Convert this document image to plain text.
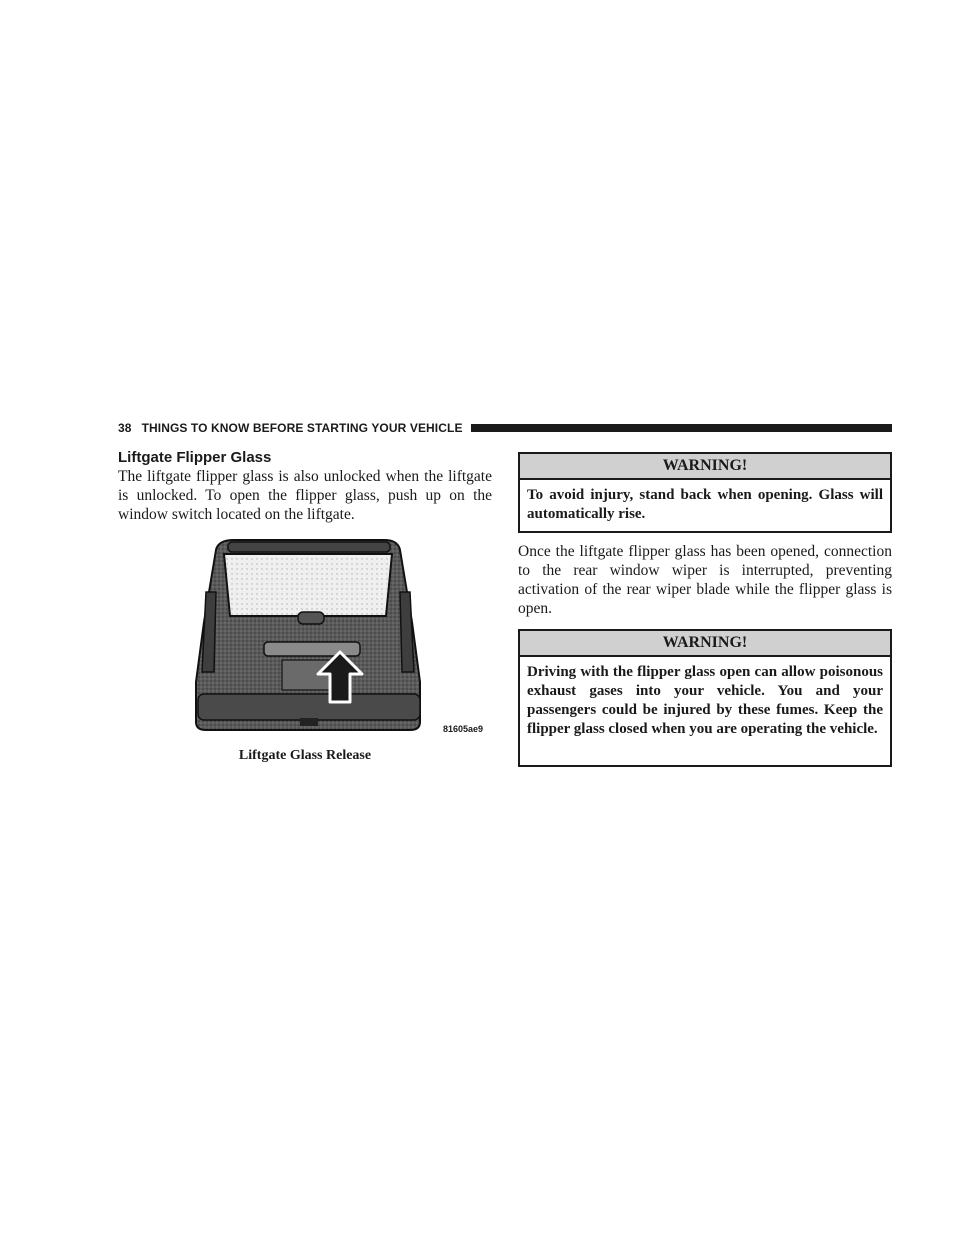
38 THINGS TO KNOW BEFORE STARTING YOUR VEHICLE
Liftgate Flipper Glass

The liftgate flipper glass is also unlocked when the liftgate is unlocked. To open the flipper glass, push up on the window switch located on the liftgate.

81605ae9
Liftgate Glass Release
WARNING!
To avoid injury, stand back when opening. Glass will automatically rise.

Once the liftgate flipper glass has been opened, connection to the rear window wiper is interrupted, preventing activation of the rear wiper blade while the flipper glass is open.

WARNING!
Driving with the flipper glass open can allow poisonous exhaust gases into your vehicle. You and your passengers could be injured by these fumes. Keep the flipper glass closed when you are operating the vehicle.
